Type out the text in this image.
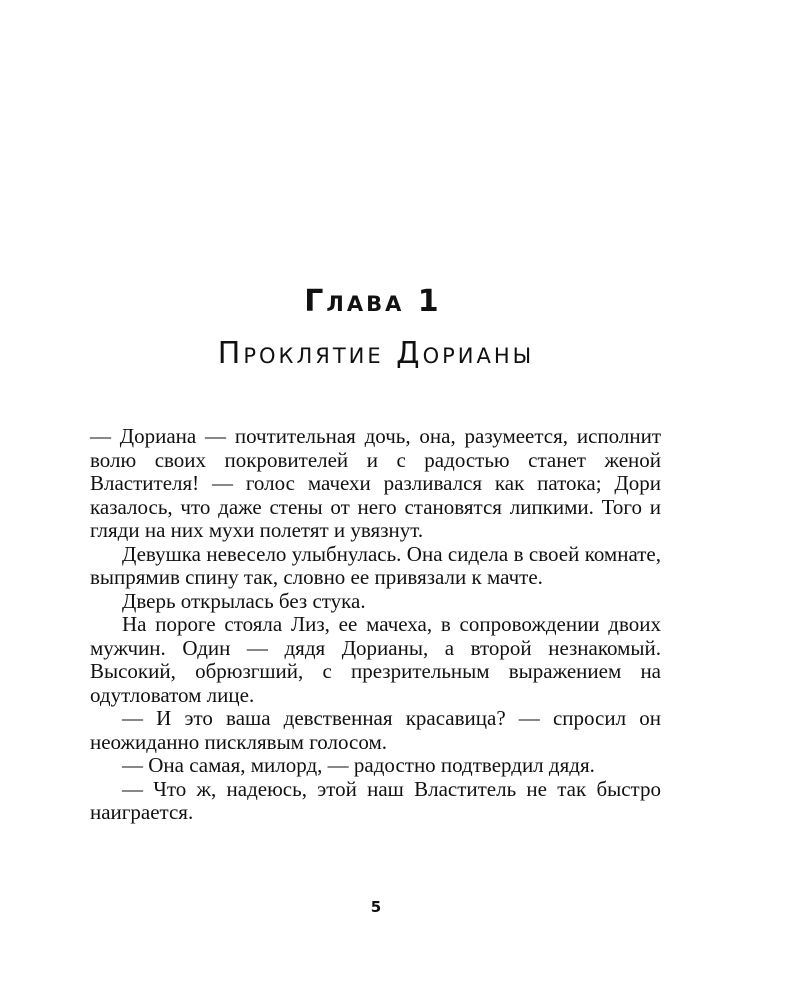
Глава 1
Проклятие Дорианы

— Дориана — почтительная дочь, она, разумеется, исполнит волю своих покровителей и с радостью станет женой Властителя! — голос мачехи разливался как патока; Дори казалось, что даже стены от него становятся липкими. Того и гляди на них мухи полетят и увязнут.

Девушка невесело улыбнулась. Она сидела в своей комнате, выпрямив спину так, словно ее привязали к мачте.

Дверь открылась без стука.

На пороге стояла Лиз, ее мачеха, в сопровождении двоих мужчин. Один — дядя Дорианы, а второй незнакомый. Высокий, обрюзгший, с презрительным выражением на одутловатом лице.

— И это ваша девственная красавица? — спросил он неожиданно писклявым голосом.

— Она самая, милорд, — радостно подтвердил дядя.

— Что ж, надеюсь, этой наш Властитель не так быстро наиграется.

5
